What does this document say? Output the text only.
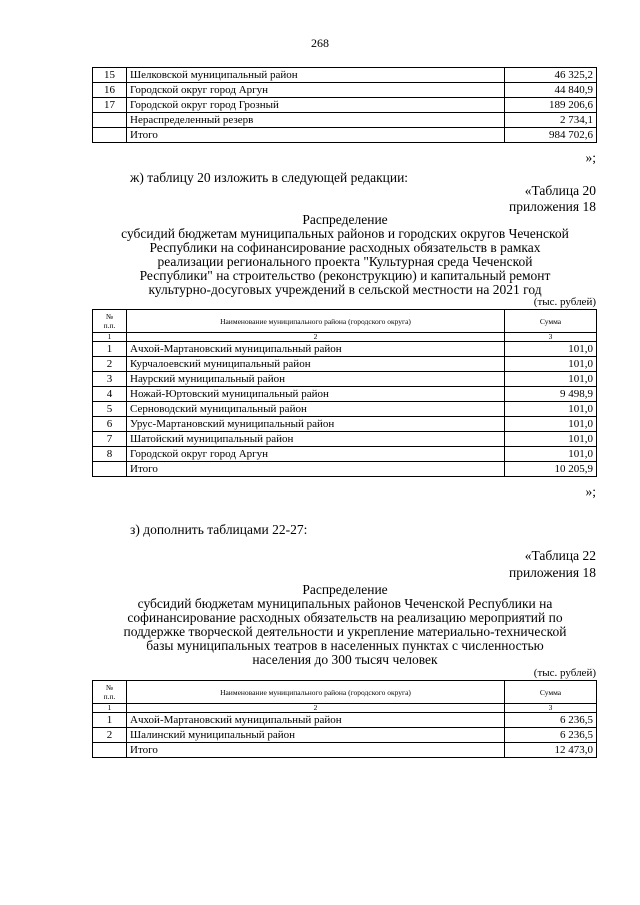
268
15	Шелковской муниципальный район	46 325,2
16	Городской округ город Аргун	44 840,9
17	Городской округ город Грозный	189 206,6
	Нераспределенный резерв	2 734,1
	Итого	984 702,6
»;
ж) таблицу 20 изложить в следующей редакции:
«Таблица 20
приложения 18
Распределение
субсидий бюджетам муниципальных районов и городских округов Чеченской
Республики на софинансирование расходных обязательств в рамках
реализации регионального проекта "Культурная среда Чеченской
Республики" на строительство (реконструкцию) и капитальный ремонт
культурно-досуговых учреждений в сельской местности на 2021 год
(тыс. рублей)
№
п.п.	Наименование муниципального района (городского округа)	Сумма
1	2	3
1	Ачхой-Мартановский муниципальный район	101,0
2	Курчалоевский муниципальный район	101,0
3	Наурский муниципальный район	101,0
4	Ножай-Юртовский муниципальный район	9 498,9
5	Серноводский муниципальный район	101,0
6	Урус-Мартановский муниципальный район	101,0
7	Шатойский муниципальный район	101,0
8	Городской округ город Аргун	101,0
	Итого	10 205,9
»;
з) дополнить таблицами 22-27:
«Таблица 22
приложения 18
Распределение
субсидий бюджетам муниципальных районов Чеченской Республики на
софинансирование расходных обязательств на реализацию мероприятий по
поддержке творческой деятельности и укрепление материально-технической
базы муниципальных театров в населенных пунктах с численностью
населения до 300 тысяч человек
(тыс. рублей)
№
п.п.	Наименование муниципального района (городского округа)	Сумма
1	2	3
1	Ачхой-Мартановский муниципальный район	6 236,5
2	Шалинский муниципальный район	6 236,5
	Итого	12 473,0
